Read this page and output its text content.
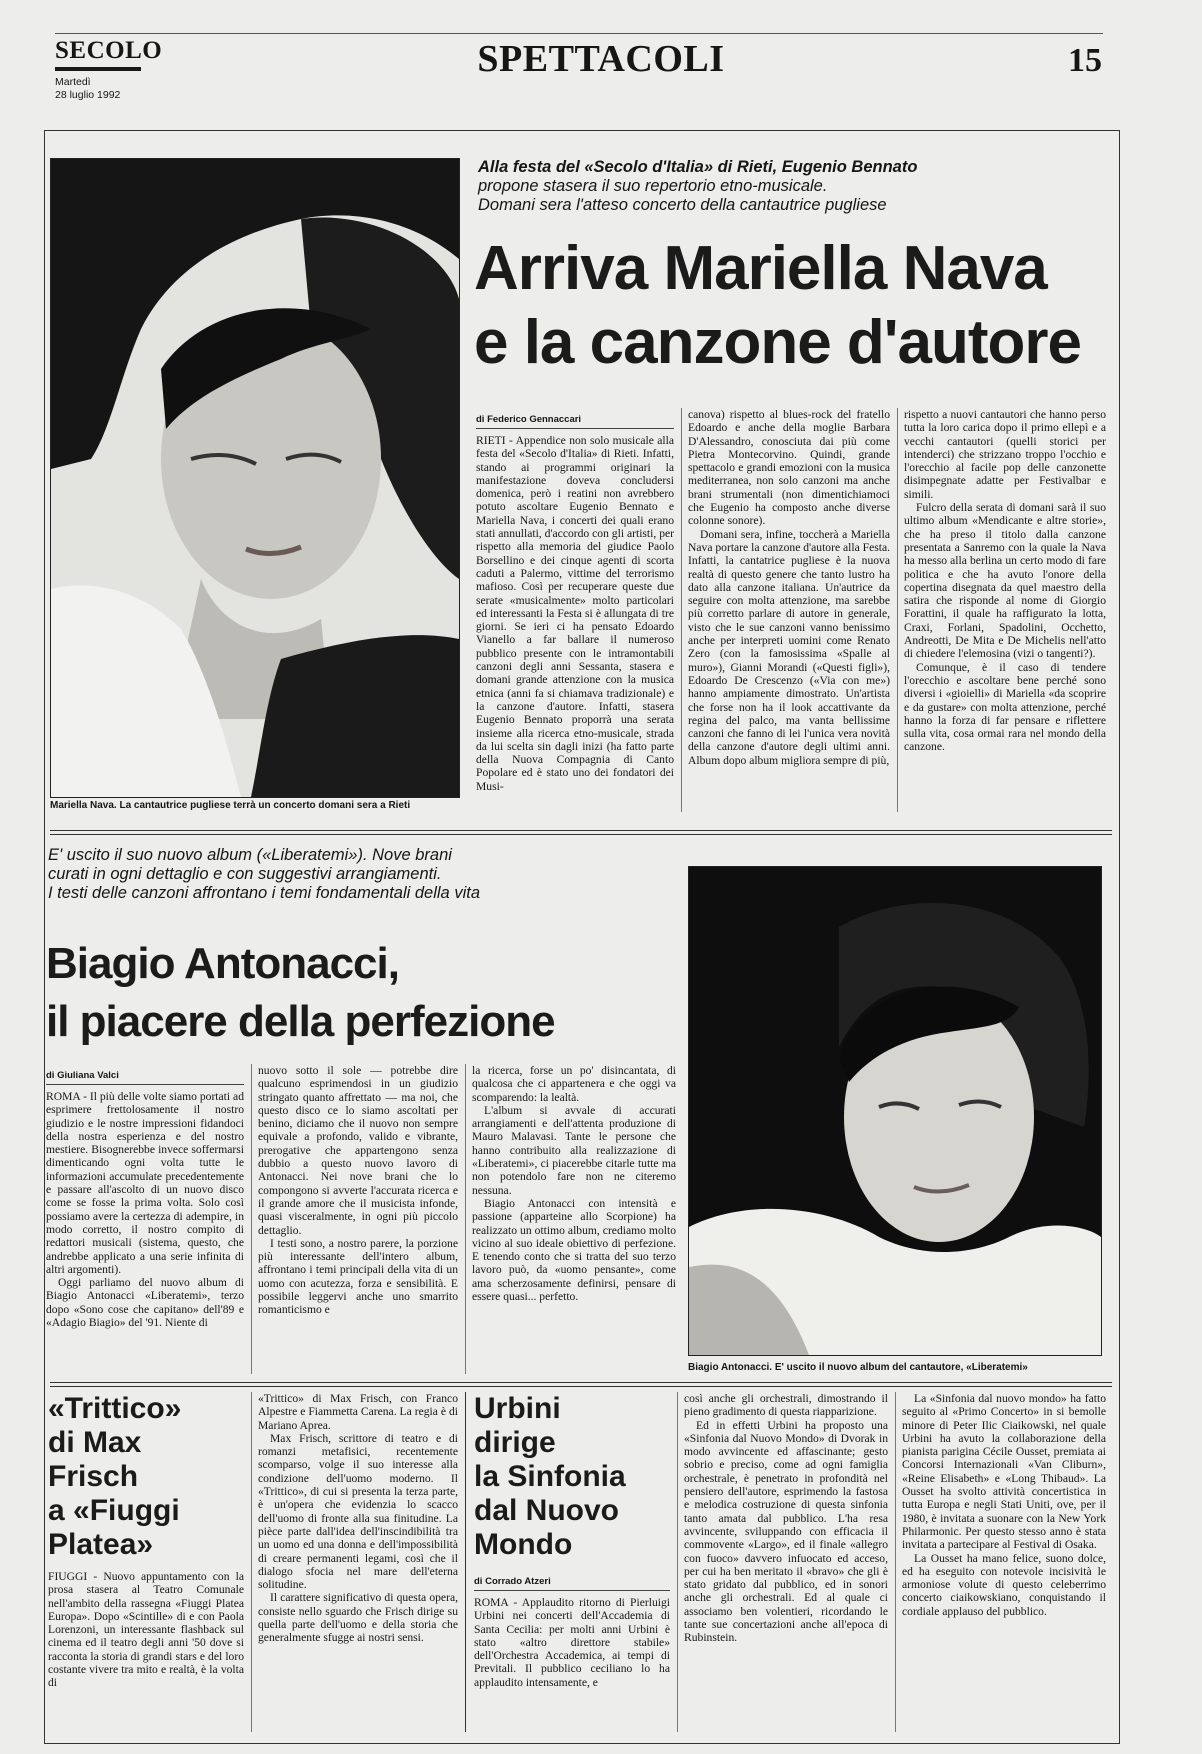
SECOLO
Martedì
28 luglio 1992
SPETTACOLI	15
Mariella Nava. La cantautrice pugliese terrà un concerto domani sera a Rieti
Alla festa del «Secolo d'Italia» di Rieti, Eugenio Bennato
propone stasera il suo repertorio etno-musicale.
Domani sera l'atteso concerto della cantautrice pugliese
Arriva Mariella Nava
e la canzone d'autore
di Federico Gennaccari

RIETI - Appendice non solo musicale alla festa del «Secolo d'Italia» di Rieti. Infatti, stando ai programmi originari la manifestazione doveva concludersi domenica, però i reatini non avrebbero potuto ascoltare Eugenio Bennato e Mariella Nava, i concerti dei quali erano stati annullati, d'accordo con gli artisti, per rispetto alla memoria del giudice Paolo Borsellino e dei cinque agenti di scorta caduti a Palermo, vittime del terrorismo mafioso. Così per recuperare queste due serate «musicalmente» molto particolari ed interessanti la Festa si è allungata di tre giorni. Se ieri ci ha pensato Edoardo Vianello a far ballare il numeroso pubblico presente con le intramontabili canzoni degli anni Sessanta, stasera e domani grande attenzione con la musica etnica (anni fa si chiamava tradizionale) e la canzone d'autore. Infatti, stasera Eugenio Bennato proporrà una serata insieme alla ricerca etno-musicale, strada da lui scelta sin dagli inizi (ha fatto parte della Nuova Compagnia di Canto Popolare ed è stato uno dei fondatori dei Musi-

canova) rispetto al blues-rock del fratello Edoardo e anche della moglie Barbara D'Alessandro, conosciuta dai più come Pietra Montecorvino. Quindi, grande spettacolo e grandi emozioni con la musica mediterranea, non solo canzoni ma anche brani strumentali (non dimentichiamoci che Eugenio ha composto anche diverse colonne sonore).

Domani sera, infine, toccherà a Mariella Nava portare la canzone d'autore alla Festa. Infatti, la cantatrice pugliese è la nuova realtà di questo genere che tanto lustro ha dato alla canzone italiana. Un'autrice da seguire con molta attenzione, ma sarebbe più corretto parlare di autore in generale, visto che le sue canzoni vanno benissimo anche per interpreti uomini come Renato Zero (con la famosissima «Spalle al muro»), Gianni Morandi («Questi figli»), Edoardo De Crescenzo («Via con me») hanno ampiamente dimostrato. Un'artista che forse non ha il look accattivante da regina del palco, ma vanta bellissime canzoni che fanno di lei l'unica vera novità della canzone d'autore degli ultimi anni. Album dopo album migliora sempre di più,

rispetto a nuovi cantautori che hanno perso tutta la loro carica dopo il primo ellepì e a vecchi cantautori (quelli storici per intenderci) che strizzano troppo l'occhio e l'orecchio al facile pop delle canzonette disimpegnate adatte per Festivalbar e simili.

Fulcro della serata di domani sarà il suo ultimo album «Mendicante e altre storie», che ha preso il titolo dalla canzone presentata a Sanremo con la quale la Nava ha messo alla berlina un certo modo di fare politica e che ha avuto l'onore della copertina disegnata da quel maestro della satira che risponde al nome di Giorgio Forattini, il quale ha raffigurato la lotta, Craxi, Forlani, Spadolini, Occhetto, Andreotti, De Mita e De Michelis nell'atto di chiedere l'elemosina (vizi o tangenti?).

Comunque, è il caso di tendere l'orecchio e ascoltare bene perché sono diversi i «gioielli» di Mariella «da scoprire e da gustare» con molta attenzione, perché hanno la forza di far pensare e riflettere sulla vita, cosa ormai rara nel mondo della canzone.

E' uscito il suo nuovo album («Liberatemi»). Nove brani
curati in ogni dettaglio e con suggestivi arrangiamenti.
I testi delle canzoni affrontano i temi fondamentali della vita
Biagio Antonacci,
il piacere della perfezione
Biagio Antonacci. E' uscito il nuovo album del cantautore, «Liberatemi»
di Giuliana Valci

ROMA - Il più delle volte siamo portati ad esprimere frettolosamente il nostro giudizio e le nostre impressioni fidandoci della nostra esperienza e del nostro mestiere. Bisognerebbe invece soffermarsi dimenticando ogni volta tutte le informazioni accumulate precedentemente e passare all'ascolto di un nuovo disco come se fosse la prima volta. Solo così possiamo avere la certezza di adempire, in modo corretto, il nostro compito di redattori musicali (sistema, questo, che andrebbe applicato a una serie infinita di altri argomenti).

Oggi parliamo del nuovo album di Biagio Antonacci «Liberatemi», terzo dopo «Sono cose che capitano» dell'89 e «Adagio Biagio» del '91. Niente di

nuovo sotto il sole — potrebbe dire qualcuno esprimendosi in un giudizio stringato quanto affrettato — ma noi, che questo disco ce lo siamo ascoltati per benino, diciamo che il nuovo non sempre equivale a profondo, valido e vibrante, prerogative che appartengono senza dubbio a questo nuovo lavoro di Antonacci. Nei nove brani che lo compongono si avverte l'accurata ricerca e il grande amore che il musicista infonde, quasi visceralmente, in ogni più piccolo dettaglio.

I testi sono, a nostro parere, la porzione più interessante dell'intero album, affrontano i temi principali della vita di un uomo con acutezza, forza e sensibilità. E possibile leggervi anche uno smarrito romanticismo e

la ricerca, forse un po' disincantata, di qualcosa che ci appartenera e che oggi va scomparendo: la lealtà.

L'album si avvale di accurati arrangiamenti e dell'attenta produzione di Mauro Malavasi. Tante le persone che hanno contribuito alla realizzazione di «Liberatemi», ci piacerebbe citarle tutte ma non potendolo fare non ne citeremo nessuna.

Biagio Antonacci con intensità e passione (apparteine allo Scorpione) ha realizzato un ottimo album, crediamo molto vicino al suo ideale obiettivo di perfezione. E tenendo conto che si tratta del suo terzo lavoro può, da «uomo pensante», come ama scherzosamente definirsi, pensare di essere quasi... perfetto.

«Trittico»
di Max
Frisch
a «Fiuggi
Platea»

FIUGGI - Nuovo appuntamento con la prosa stasera al Teatro Comunale nell'ambito della rassegna «Fiuggi Platea Europa». Dopo «Scintille» di e con Paola Lorenzoni, un interessante flashback sul cinema ed il teatro degli anni '50 dove si racconta la storia di grandi stars e del loro costante vivere tra mito e realtà, è la volta di

«Trittico» di Max Frisch, con Franco Alpestre e Fiammetta Carena. La regia è di Mariano Aprea.

Max Frisch, scrittore di teatro e di romanzi metafisici, recentemente scomparso, volge il suo interesse alla condizione dell'uomo moderno. Il «Trittico», di cui si presenta la terza parte, è un'opera che evidenzia lo scacco dell'uomo di fronte alla sua finitudine. La pièce parte dall'idea dell'inscindibilità tra un uomo ed una donna e dell'impossibilità di creare permanenti legami, così che il dialogo sfocia nel mare dell'eterna solitudine.

Il carattere significativo di questa opera, consiste nello sguardo che Frisch dirige su quella parte dell'uomo e della storia che generalmente sfugge ai nostri sensi.

Urbini
dirige
la Sinfonia
dal Nuovo
Mondo
di Corrado Atzeri

ROMA - Applaudito ritorno di Pierluigi Urbini nei concerti dell'Accademia di Santa Cecilia: per molti anni Urbini è stato «altro direttore stabile» dell'Orchestra Accademica, ai tempi di Previtali. Il pubblico ceciliano lo ha applaudito intensamente, e

così anche gli orchestrali, dimostrando il pieno gradimento di questa riapparizione.

Ed in effetti Urbini ha proposto una «Sinfonia dal Nuovo Mondo» di Dvorak in modo avvincente ed affascinante; gesto sobrio e preciso, come ad ogni famiglia orchestrale, è penetrato in profondità nel pensiero dell'autore, esprimendo la fastosa e melodica costruzione di questa sinfonia tanto amata dal pubblico. L'ha resa avvincente, sviluppando con efficacia il commovente «Largo», ed il finale «allegro con fuoco» davvero infuocato ed acceso, per cui ha ben meritato il «bravo» che gli è stato gridato dal pubblico, ed in sonori anche gli orchestrali. Ed al quale ci associamo ben volentieri, ricordando le tante sue concertazioni anche all'epoca di Rubinstein.

La «Sinfonia dal nuovo mondo» ha fatto seguito al «Primo Concerto» in si bemolle minore di Peter Ilic Ciaikowski, nel quale Urbini ha avuto la collaborazione della pianista parigina Cécile Ousset, premiata ai Concorsi Internazionali «Van Cliburn», «Reine Elisabeth» e «Long Thibaud». La Ousset ha svolto attività concertistica in tutta Europa e negli Stati Uniti, ove, per il 1980, è invitata a suonare con la New York Philarmonic. Per questo stesso anno è stata invitata a partecipare al Festival di Osaka.

La Ousset ha mano felice, suono dolce, ed ha eseguito con notevole incisività le armoniose volute di questo celeberrimo concerto ciaikowskiano, conquistando il cordiale applauso del pubblico.
